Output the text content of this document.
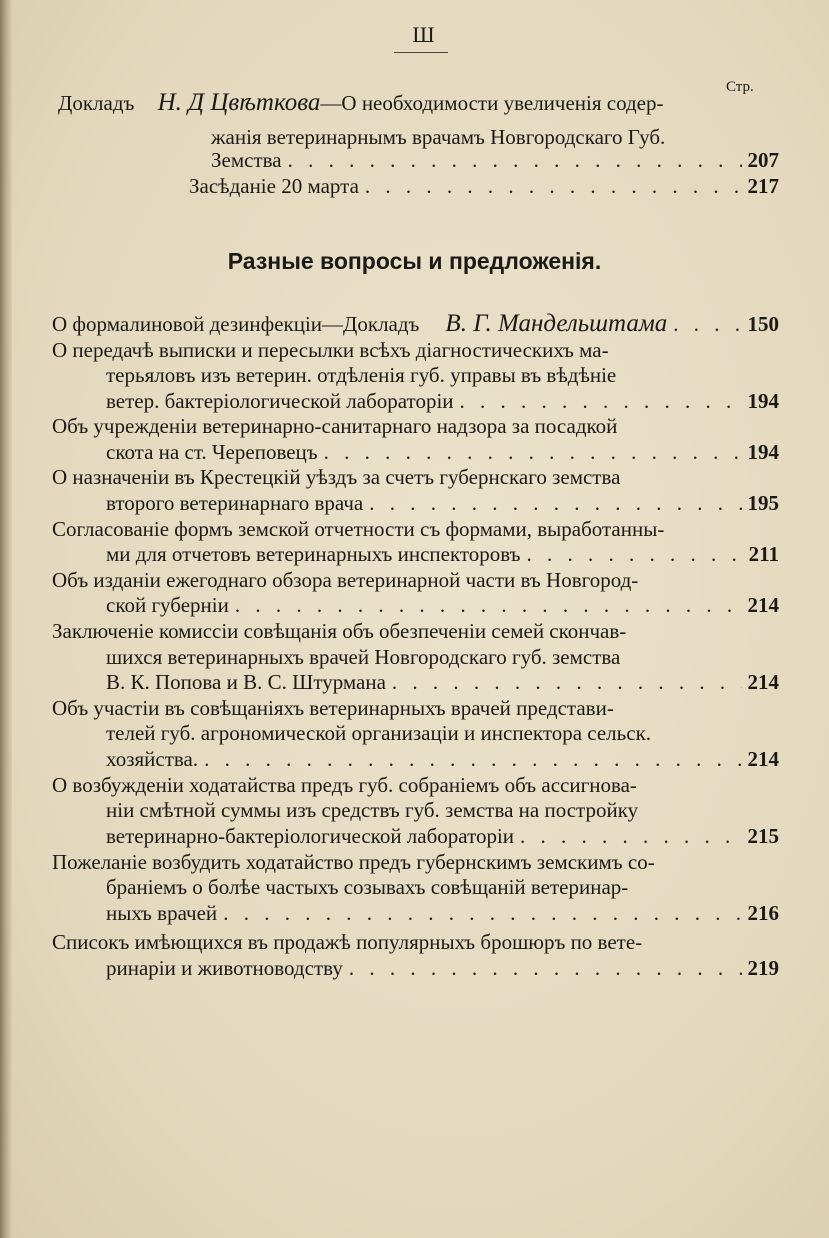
Ш
Стр.
Докладъ Н. Д Цвѣткова—О необходимости увеличенія содер-
жанія ветеринарнымъ врачамъ Новгородскаго Губ.
Земства . . .	207
Засѣданіе 20 марта . . .	217
Разные вопросы и предложенія.
О формалиновой дезинфекціи—Докладъ В. Г. Мандельштама . . .	150
О передачѣ выписки и пересылки всѣхъ діагностическихъ ма-
терьяловъ изъ ветерин. отдѣленія губ. управы въ вѣдѣніе
ветер. бактеріологической лабораторіи . . .	194
Объ учрежденіи ветеринарно-санитарнаго надзора за посадкой
скота на ст. Череповецъ . . .	194
О назначеніи въ Крестецкій уѣздъ за счетъ губернскаго земства
второго ветеринарнаго врача . . .	195
Согласованіе формъ земской отчетности съ формами, выработанны-
ми для отчетовъ ветеринарныхъ инспекторовъ . . .	211
Объ изданіи ежегоднаго обзора ветеринарной части въ Новгород-
ской губерніи . . .	214
Заключеніе комиссіи совѣщанія объ обезпеченіи семей скончав-
шихся ветеринарныхъ врачей Новгородскаго губ. земства
В. К. Попова и В. С. Штурмана . . .	214
Объ участіи въ совѣщаніяхъ ветеринарныхъ врачей представи-
телей губ. агрономической организаціи и инспектора сельск.
хозяйства. . . .	214
О возбужденіи ходатайства предъ губ. собраніемъ объ ассигнова-
ніи смѣтной суммы изъ средствъ губ. земства на постройку
ветеринарно-бактеріологической лабораторіи . . .	215
Пожеланіе возбудить ходатайство предъ губернскимъ земскимъ со-
браніемъ о болѣе частыхъ созывахъ совѣщаній ветеринар-
ныхъ врачей . . .	216
Списокъ имѣющихся въ продажѣ популярныхъ брошюръ по вете-
ринаріи и животноводству . . .	219
